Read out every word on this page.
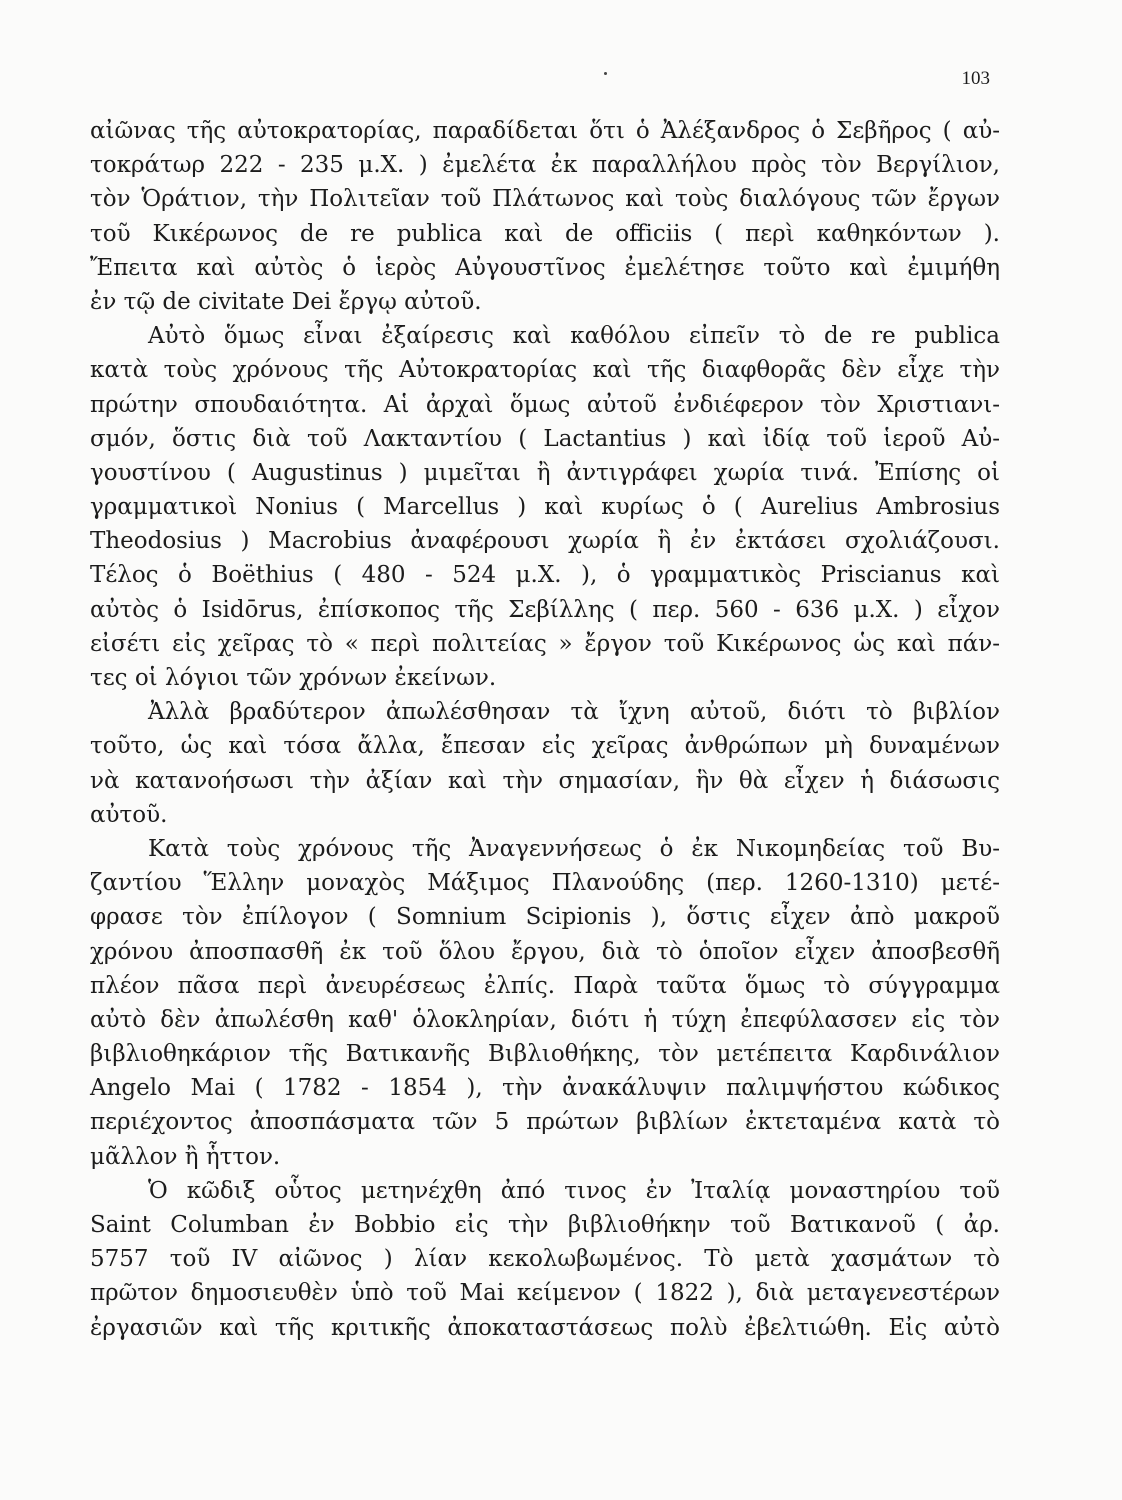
103
αἰῶνας τῆς αὐτοκρατορίας, παραδίδεται ὅτι ὁ Ἀλέξανδρος ὁ Σεβῆρος ( αὐ-
τοκράτωρ 222 - 235 μ.Χ. ) ἐμελέτα ἐκ παραλλήλου πρὸς τὸν Βεργίλιον,
τὸν Ὁράτιον, τὴν Πολιτεῖαν τοῦ Πλάτωνος καὶ τοὺς διαλόγους τῶν ἔργων
τοῦ Κικέρωνος de re publica καὶ de officiis ( περὶ καθηκόντων ).
Ἔπειτα καὶ αὐτὸς ὁ ἱερὸς Αὐγουστῖνος ἐμελέτησε τοῦτο καὶ ἐμιμήθη
ἐν τῷ de civitate Dei ἔργῳ αὐτοῦ.
Αὐτὸ ὅμως εἶναι ἐξαίρεσις καὶ καθόλου εἰπεῖν τὸ de re publica
κατὰ τοὺς χρόνους τῆς Αὐτοκρατορίας καὶ τῆς διαφθορᾶς δὲν εἶχε τὴν
πρώτην σπουδαιότητα. Αἱ ἀρχαὶ ὅμως αὐτοῦ ἐνδιέφερον τὸν Χριστιανι-
σμόν, ὅστις διὰ τοῦ Λακταντίου ( Lactantius ) καὶ ἰδίᾳ τοῦ ἱεροῦ Αὐ-
γουστίνου ( Augustinus ) μιμεῖται ἢ ἀντιγράφει χωρία τινά. Ἐπίσης οἱ
γραμματικοὶ Nonius ( Marcellus ) καὶ κυρίως ὁ ( Aurelius Ambrosius
Theodosius ) Macrobius ἀναφέρουσι χωρία ἢ ἐν ἐκτάσει σχολιάζουσι.
Τέλος ὁ Boëthius ( 480 - 524 μ.Χ. ), ὁ γραμματικὸς Priscianus καὶ
αὐτὸς ὁ Isidōrus, ἐπίσκοπος τῆς Σεβίλλης ( περ. 560 - 636 μ.Χ. ) εἶχον
εἰσέτι εἰς χεῖρας τὸ « περὶ πολιτείας » ἔργον τοῦ Κικέρωνος ὡς καὶ πάν-
τες οἱ λόγιοι τῶν χρόνων ἐκείνων.
Ἀλλὰ βραδύτερον ἀπωλέσθησαν τὰ ἴχνη αὐτοῦ, διότι τὸ βιβλίον
τοῦτο, ὡς καὶ τόσα ἄλλα, ἔπεσαν εἰς χεῖρας ἀνθρώπων μὴ δυναμένων
νὰ κατανοήσωσι τὴν ἀξίαν καὶ τὴν σημασίαν, ἣν θὰ εἶχεν ἡ διάσωσις
αὐτοῦ.
Κατὰ τοὺς χρόνους τῆς Ἀναγεννήσεως ὁ ἐκ Νικομηδείας τοῦ Βυ-
ζαντίου Ἕλλην μοναχὸς Μάξιμος Πλανούδης (περ. 1260-1310) μετέ-
φρασε τὸν ἐπίλογον ( Somnium Scipionis ), ὅστις εἶχεν ἀπὸ μακροῦ
χρόνου ἀποσπασθῆ ἐκ τοῦ ὅλου ἔργου, διὰ τὸ ὁποῖον εἶχεν ἀποσβεσθῆ
πλέον πᾶσα περὶ ἀνευρέσεως ἐλπίς. Παρὰ ταῦτα ὅμως τὸ σύγγραμμα
αὐτὸ δὲν ἀπωλέσθη καθ' ὁλοκληρίαν, διότι ἡ τύχη ἐπεφύλασσεν εἰς τὸν
βιβλιοθηκάριον τῆς Βατικανῆς Βιβλιοθήκης, τὸν μετέπειτα Καρδινάλιον
Angelo Mai ( 1782 - 1854 ), τὴν ἀνακάλυψιν παλιμψήστου κώδικος
περιέχοντος ἀποσπάσματα τῶν 5 πρώτων βιβλίων ἐκτεταμένα κατὰ τὸ
μᾶλλον ἢ ἧττον.
Ὁ κῶδιξ οὗτος μετηνέχθη ἀπό τινος ἐν Ἰταλίᾳ μοναστηρίου τοῦ
Saint Columban ἐν Bobbio εἰς τὴν βιβλιοθήκην τοῦ Βατικανοῦ ( ἀρ.
5757 τοῦ IV αἰῶνος ) λίαν κεκολωβωμένος. Τὸ μετὰ χασμάτων τὸ
πρῶτον δημοσιευθὲν ὑπὸ τοῦ Mai κείμενον ( 1822 ), διὰ μεταγενεστέρων
ἐργασιῶν καὶ τῆς κριτικῆς ἀποκαταστάσεως πολὺ ἐβελτιώθη. Εἰς αὐτὸ
